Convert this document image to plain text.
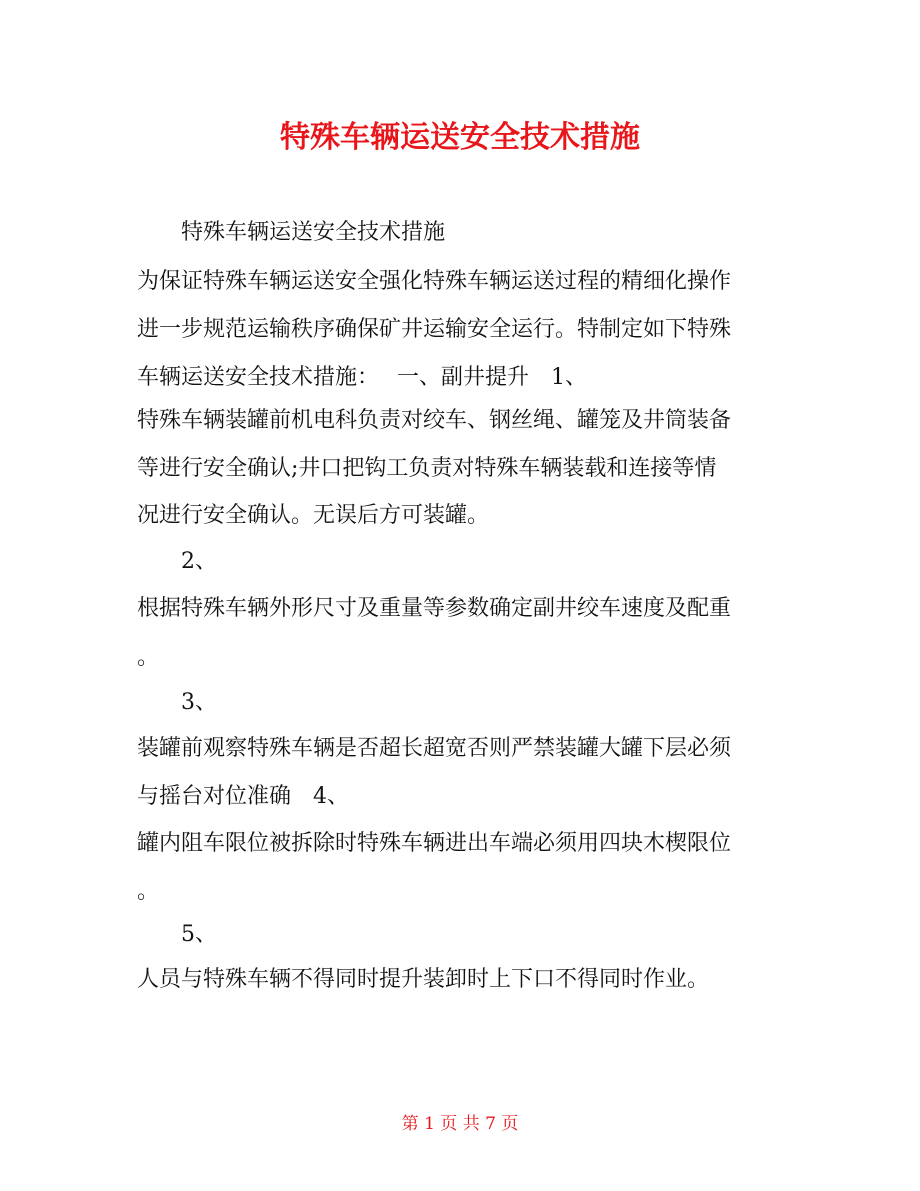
特殊车辆运送安全技术措施
特殊车辆运送安全技术措施
为保证特殊车辆运送安全强化特殊车辆运送过程的精细化操作
进一步规范运输秩序确保矿井运输安全运行。特制定如下特殊
车辆运送安全技术措施：　 一、副井提升　1、
特殊车辆装罐前机电科负责对绞车、钢丝绳、罐笼及井筒装备
等进行安全确认;井口把钩工负责对特殊车辆装载和连接等情
况进行安全确认。无误后方可装罐。
2、
根据特殊车辆外形尺寸及重量等参数确定副井绞车速度及配重
。
3、
装罐前观察特殊车辆是否超长超宽否则严禁装罐大罐下层必须
与摇台对位准确　4、
罐内阻车限位被拆除时特殊车辆进出车端必须用四块木楔限位
。
5、
人员与特殊车辆不得同时提升装卸时上下口不得同时作业。
第 1 页 共 7 页
